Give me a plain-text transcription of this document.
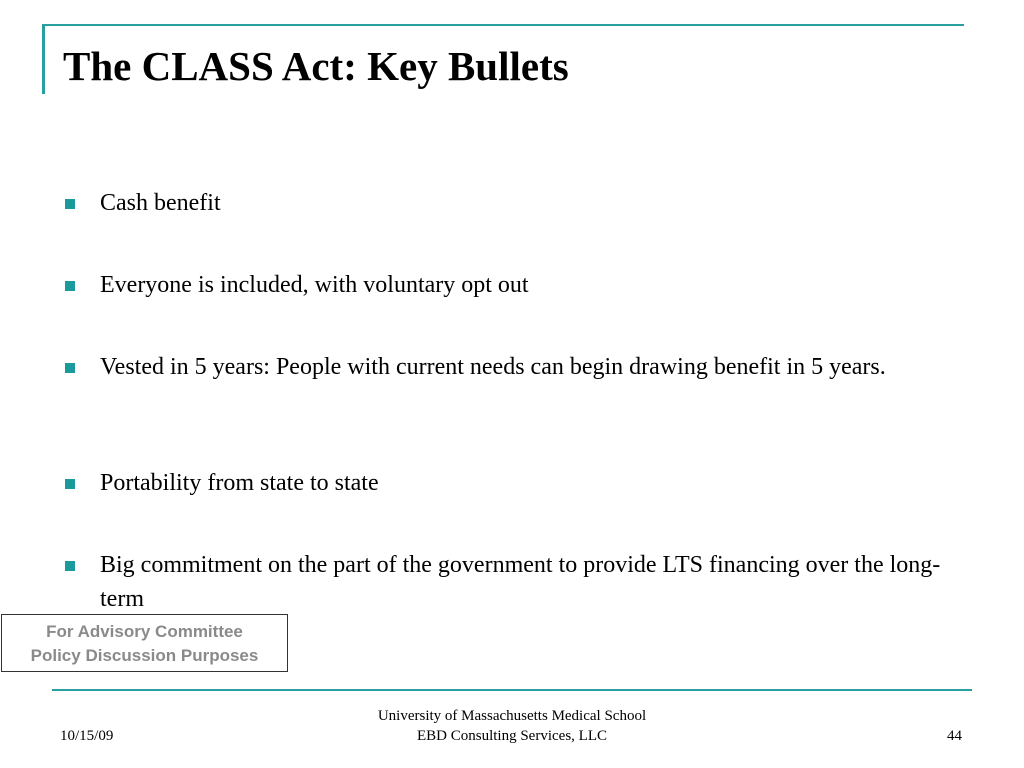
The CLASS Act: Key Bullets
Cash benefit
Everyone is included, with voluntary opt out
Vested in 5 years: People with current needs can begin drawing benefit in 5 years.
Portability from state to state
Big commitment on the part of the government to provide LTS financing over the long-term
For Advisory Committee
Policy Discussion Purposes
10/15/09
University of Massachusetts Medical School
EBD Consulting Services, LLC	44
